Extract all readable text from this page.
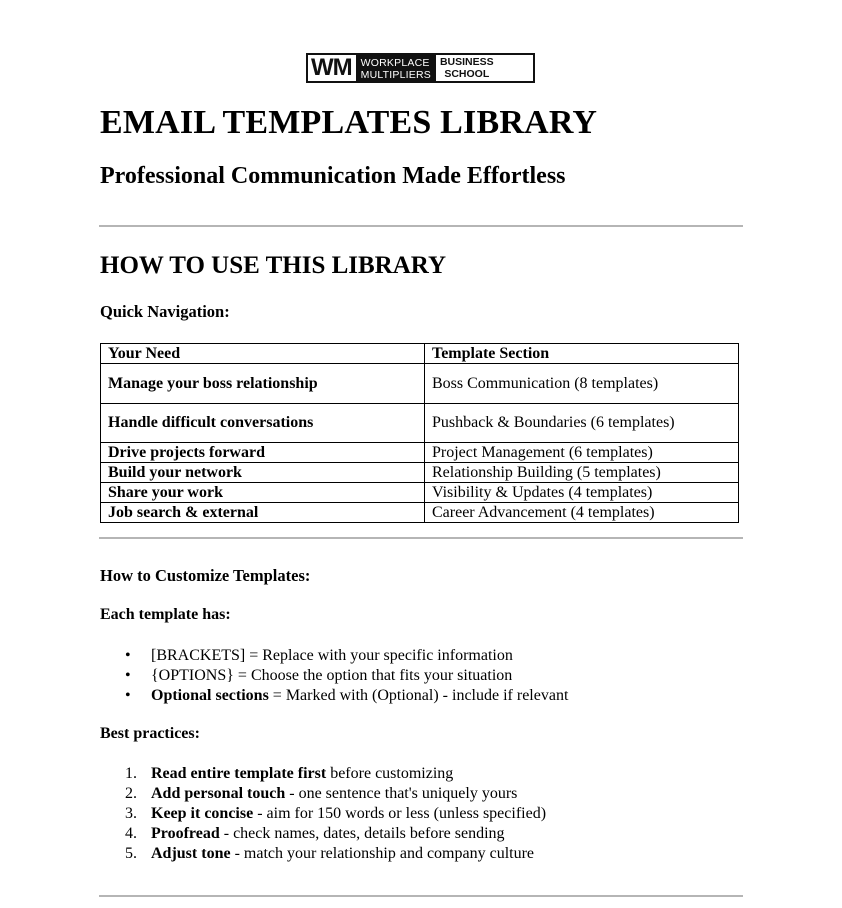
WM WORKPLACE
MULTIPLIERS
BUSINESS
SCHOOL
EMAIL TEMPLATES LIBRARY
Professional Communication Made Effortless
HOW TO USE THIS LIBRARY

Quick Navigation:

Your Need	Template Section
Manage your boss relationship	Boss Communication (8 templates)
Handle difficult conversations	Pushback & Boundaries (6 templates)
Drive projects forward	Project Management (6 templates)
Build your network	Relationship Building (5 templates)
Share your work	Visibility & Updates (4 templates)
Job search & external	Career Advancement (4 templates)

How to Customize Templates:

Each template has:

• [BRACKETS] = Replace with your specific information
• {OPTIONS} = Choose the option that fits your situation
• Optional sections = Marked with (Optional) - include if relevant

Best practices:

1. Read entire template first before customizing
2. Add personal touch - one sentence that's uniquely yours
3. Keep it concise - aim for 150 words or less (unless specified)
4. Proofread - check names, dates, details before sending
5. Adjust tone - match your relationship and company culture
